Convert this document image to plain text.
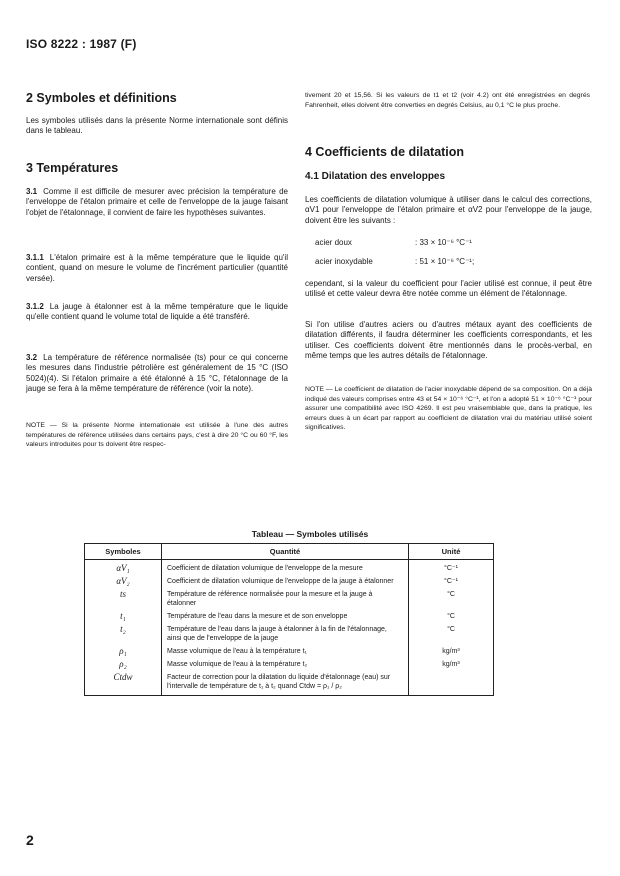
ISO 8222 : 1987 (F)
2 Symboles et définitions

Les symboles utilisés dans la présente Norme internationale sont définis dans le tableau.

3 Températures

3.1 Comme il est difficile de mesurer avec précision la température de l'enveloppe de l'étalon primaire et celle de l'enveloppe de la jauge faisant l'objet de l'étalonnage, il convient de faire les hypothèses suivantes.

3.1.1 L'étalon primaire est à la même température que le liquide qu'il contient, quand on mesure le volume de l'incrément particulier (quantité versée).

3.1.2 La jauge à étalonner est à la même température que le liquide qu'elle contient quand le volume total de liquide a été transféré.

3.2 La température de référence normalisée (ts) pour ce qui concerne les mesures dans l'industrie pétrolière est généralement de 15 °C (ISO 5024)(4). Si l'étalon primaire a été étalonné à 15 °C, l'étalonnage de la jauge se fera à la même température de référence (voir la note).

NOTE — Si la présente Norme internationale est utilisée à l'une des autres températures de référence utilisées dans certains pays, c'est à dire 20 °C ou 60 °F, les valeurs introduites pour ts doivent être respec-

tivement 20 et 15,56. Si les valeurs de t1 et t2 (voir 4.2) ont été enregistrées en degrés Fahrenheit, elles doivent être converties en degrés Celsius, au 0,1 °C le plus proche.

4 Coefficients de dilatation
4.1 Dilatation des enveloppes

Les coefficients de dilatation volumique à utiliser dans le calcul des corrections, αV1 pour l'enveloppe de l'étalon primaire et αV2 pour l'enveloppe de la jauge, doivent être les suivants :

acier doux	: 33 × 10⁻⁶ °C⁻¹
acier inoxydable	: 51 × 10⁻⁶ °C⁻¹;

cependant, si la valeur du coefficient pour l'acier utilisé est connue, il peut être utilisé et cette valeur devra être notée comme un élément de l'étalonnage.

Si l'on utilise d'autres aciers ou d'autres métaux ayant des coefficients de dilatation différents, il faudra déterminer les coefficients correspondants, et les utiliser. Ces coefficients doivent être mentionnés dans le procès-verbal, en même temps que les autres détails de l'étalonnage.

NOTE — Le coefficient de dilatation de l'acier inoxydable dépend de sa composition. On a déjà indiqué des valeurs comprises entre 43 et 54 × 10⁻⁶ °C⁻¹, et l'on a adopté 51 × 10⁻⁶ °C⁻¹ pour assurer une compatibilité avec ISO 4269. Il est peu vraisemblable que, dans la pratique, les erreurs dues à un écart par rapport au coefficient de dilatation vrai du matériau utilisé soient significatives.

Tableau — Symboles utilisés
Symboles	Quantité	Unité

αV₁	Coefficient de dilatation volumique de l'enveloppe de la mesure	°C⁻¹
αV₂	Coefficient de dilatation volumique de l'enveloppe de la jauge à étalonner	°C⁻¹
ts	Température de référence normalisée pour la mesure et la jauge à étalonner	°C
t₁	Température de l'eau dans la mesure et de son enveloppe	°C
t₂	Température de l'eau dans la jauge à étalonner à la fin de l'étalonnage, ainsi que de l'enveloppe de la jauge	°C
ρ₁	Masse volumique de l'eau à la température t₁	kg/m³
ρ₂	Masse volumique de l'eau à la température t₂	kg/m³
Ctdw	Facteur de correction pour la dilatation du liquide d'étalonnage (eau) sur l'intervalle de température de t₁ à t₂ quand Ctdw = ρ₁ / ρ₂	

2
